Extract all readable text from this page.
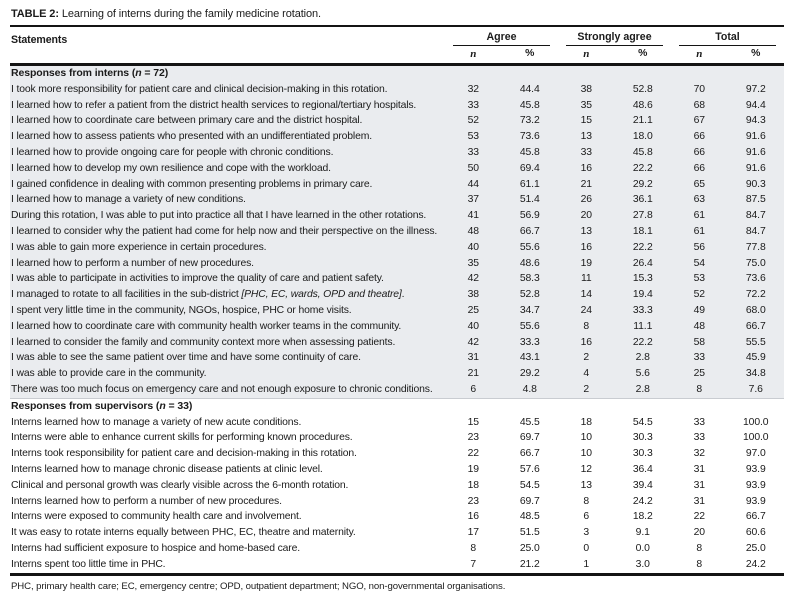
TABLE 2: Learning of interns during the family medicine rotation.
Statements	Agree	Strongly agree	Total
n	%	n	%	n	%
Responses from interns (n = 72)
I took more responsibility for patient care and clinical decision-making in this rotation.	32	44.4	38	52.8	70	97.2
I learned how to refer a patient from the district health services to regional/tertiary hospitals.	33	45.8	35	48.6	68	94.4
I learned how to coordinate care between primary care and the district hospital.	52	73.2	15	21.1	67	94.3
I learned how to assess patients who presented with an undifferentiated problem.	53	73.6	13	18.0	66	91.6
I learned how to provide ongoing care for people with chronic conditions.	33	45.8	33	45.8	66	91.6
I learned how to develop my own resilience and cope with the workload.	50	69.4	16	22.2	66	91.6
I gained confidence in dealing with common presenting problems in primary care.	44	61.1	21	29.2	65	90.3
I learned how to manage a variety of new conditions.	37	51.4	26	36.1	63	87.5
During this rotation, I was able to put into practice all that I have learned in the other rotations.	41	56.9	20	27.8	61	84.7
I learned to consider why the patient had come for help now and their perspective on the illness.	48	66.7	13	18.1	61	84.7
I was able to gain more experience in certain procedures.	40	55.6	16	22.2	56	77.8
I learned how to perform a number of new procedures.	35	48.6	19	26.4	54	75.0
I was able to participate in activities to improve the quality of care and patient safety.	42	58.3	11	15.3	53	73.6
I managed to rotate to all facilities in the sub-district [PHC, EC, wards, OPD and theatre].	38	52.8	14	19.4	52	72.2
I spent very little time in the community, NGOs, hospice, PHC or home visits.	25	34.7	24	33.3	49	68.0
I learned how to coordinate care with community health worker teams in the community.	40	55.6	8	11.1	48	66.7
I learned to consider the family and community context more when assessing patients.	42	33.3	16	22.2	58	55.5
I was able to see the same patient over time and have some continuity of care.	31	43.1	2	2.8	33	45.9
I was able to provide care in the community.	21	29.2	4	5.6	25	34.8
There was too much focus on emergency care and not enough exposure to chronic conditions.	6	4.8	2	2.8	8	7.6
Responses from supervisors (n = 33)
Interns learned how to manage a variety of new acute conditions.	15	45.5	18	54.5	33	100.0
Interns were able to enhance current skills for performing known procedures.	23	69.7	10	30.3	33	100.0
Interns took responsibility for patient care and decision-making in this rotation.	22	66.7	10	30.3	32	97.0
Interns learned how to manage chronic disease patients at clinic level.	19	57.6	12	36.4	31	93.9
Clinical and personal growth was clearly visible across the 6-month rotation.	18	54.5	13	39.4	31	93.9
Interns learned how to perform a number of new procedures.	23	69.7	8	24.2	31	93.9
Interns were exposed to community health care and involvement.	16	48.5	6	18.2	22	66.7
It was easy to rotate interns equally between PHC, EC, theatre and maternity.	17	51.5	3	9.1	20	60.6
Interns had sufficient exposure to hospice and home-based care.	8	25.0	0	0.0	8	25.0
Interns spent too little time in PHC.	7	21.2	1	3.0	8	24.2
PHC, primary health care; EC, emergency centre; OPD, outpatient department; NGO, non-governmental organisations.
